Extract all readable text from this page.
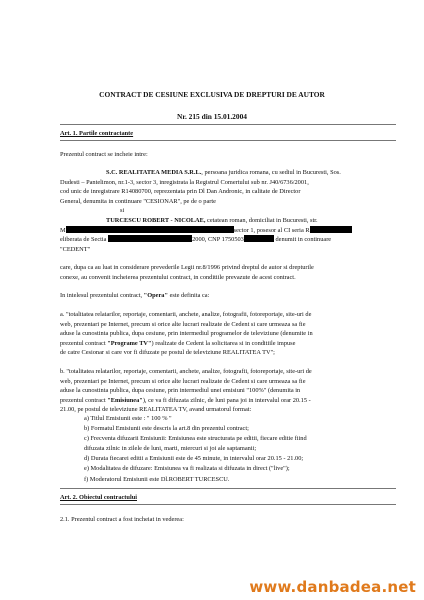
CONTRACT DE CESIUNE EXCLUSIVA DE DREPTURI DE AUTOR
Nr. 215 din 15.01.2004
Art. 1. Partile contractante
Prezentul contract se incheie intre:
S.C. REALITATEA MEDIA S.R.L., persoana juridica romana, cu sediul in Bucuresti, Sos.
Dudesti – Pantelimon, nr.1-3, sector 3, inregistrata la Registrul Comertului sub nr. J40/6736/2001,
cod unic de inregistrare R14080700, reprezentata prin Dl Dan Andronic, in calitate de Director
General, denumita in continuare "CESIONAR", pe de o parte
si
TURCESCU ROBERT - NICOLAE, cetatean roman, domiciliat in Bucuresti, str.
M	sector 1, posesor al CI seria R
eliberata de Sectia	2000, CNP 1750503	denumit in continuare
"CEDENT"
care, dupa ca au luat in considerare prevederile Legii nr.8/1996 privind dreptul de autor si drepturile
conexe, au convenit incheierea prezentului contract, in conditiile prevazute de acest contract.
In intelesul prezentului contract, "Opera" este definita ca:
a. "totalitatea relatarilor, reportaje, comentarii, anchete, analize, fotografii, fotoreportaje, site-uri de
web, prezentari pe Internet, precum si orice alte lucrari realizate de Cedent si care urmeaza sa fie
aduse la cunostinta publica, dupa cesiune, prin intermediul programelor de televiziune (denumite in
prezentul contract "Programe TV") realizate de Cedent la solicitarea si in conditiile impuse
de catre Cesionar si care vor fi difuzate pe postul de televiziune REALITATEA TV";
b. "totalitatea relatarilor, reportaje, comentarii, anchete, analize, fotografii, fotoreportaje, site-uri de
web, prezentari pe Internet, precum si orice alte lucrari realizate de Cedent si care urmeaza sa fie
aduse la cunostinta publica, dupa cesiune, prin intermediul unei emisiuni "100%" (denumita in
prezentul contract "Emisiunea"), ce va fi difuzata zilnic, de luni pana joi in intervalul orar 20.15 -
21.00, pe postul de televiziune REALITATEA TV, avand urmatorul format:
a) Titlul Emisiunii este : " 100 % "
b) Formatul Emisiunii este descris la art.8 din prezentul contract;
c) Frecventa difuzarii Emisiunii: Emisiunea este structurata pe editii, fiecare editie fiind
difuzata zilnic in zilele de luni, marti, miercuri si joi ale saptamanii;
d) Durata fiecarei editii a Emisiunii este de 45 minute, in intervalul orar 20.15 - 21.00;
e) Modalitatea de difuzare: Emisiunea va fi realizata si difuzata in direct ("live");
f) Moderatorul Emisiunii este Dl.ROBERT TURCESCU.
Art. 2. Obiectul contractului
2.1. Prezentul contract a fost incheiat in vederea:
www.danbadea.net
